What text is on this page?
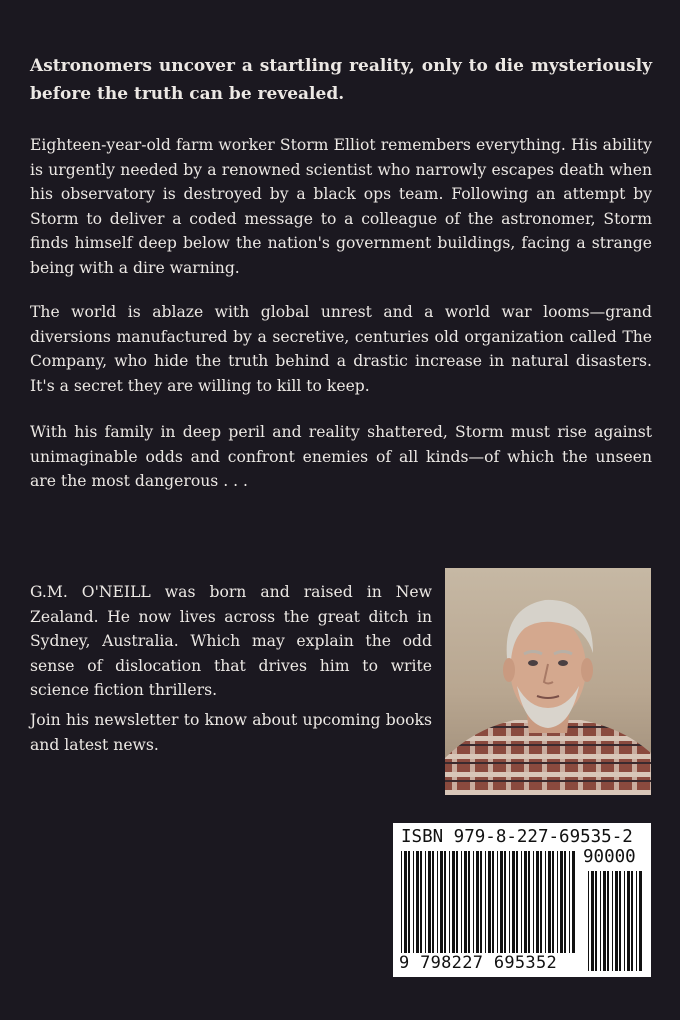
Astronomers uncover a startling reality, only to die mysteriously before the truth can be revealed.

Eighteen-year-old farm worker Storm Elliot remembers everything. His ability is urgently needed by a renowned scientist who narrowly escapes death when his observatory is destroyed by a black ops team. Following an attempt by Storm to deliver a coded message to a colleague of the astronomer, Storm finds himself deep below the nation's government buildings, facing a strange being with a dire warning.

The world is ablaze with global unrest and a world war looms—grand diversions manufactured by a secretive, centuries old organization called The Company, who hide the truth behind a drastic increase in natural disasters. It's a secret they are willing to kill to keep.

With his family in deep peril and reality shattered, Storm must rise against unimaginable odds and confront enemies of all kinds—of which the unseen are the most dangerous . . .

G.M. O'NEILL was born and raised in New Zealand. He now lives across the great ditch in Sydney, Australia. Which may explain the odd sense of dislocation that drives him to write science fiction thrillers.

Join his newsletter to know about upcoming books and latest news.

ISBN 979-8-227-69535-2
90000
9 798227 695352
